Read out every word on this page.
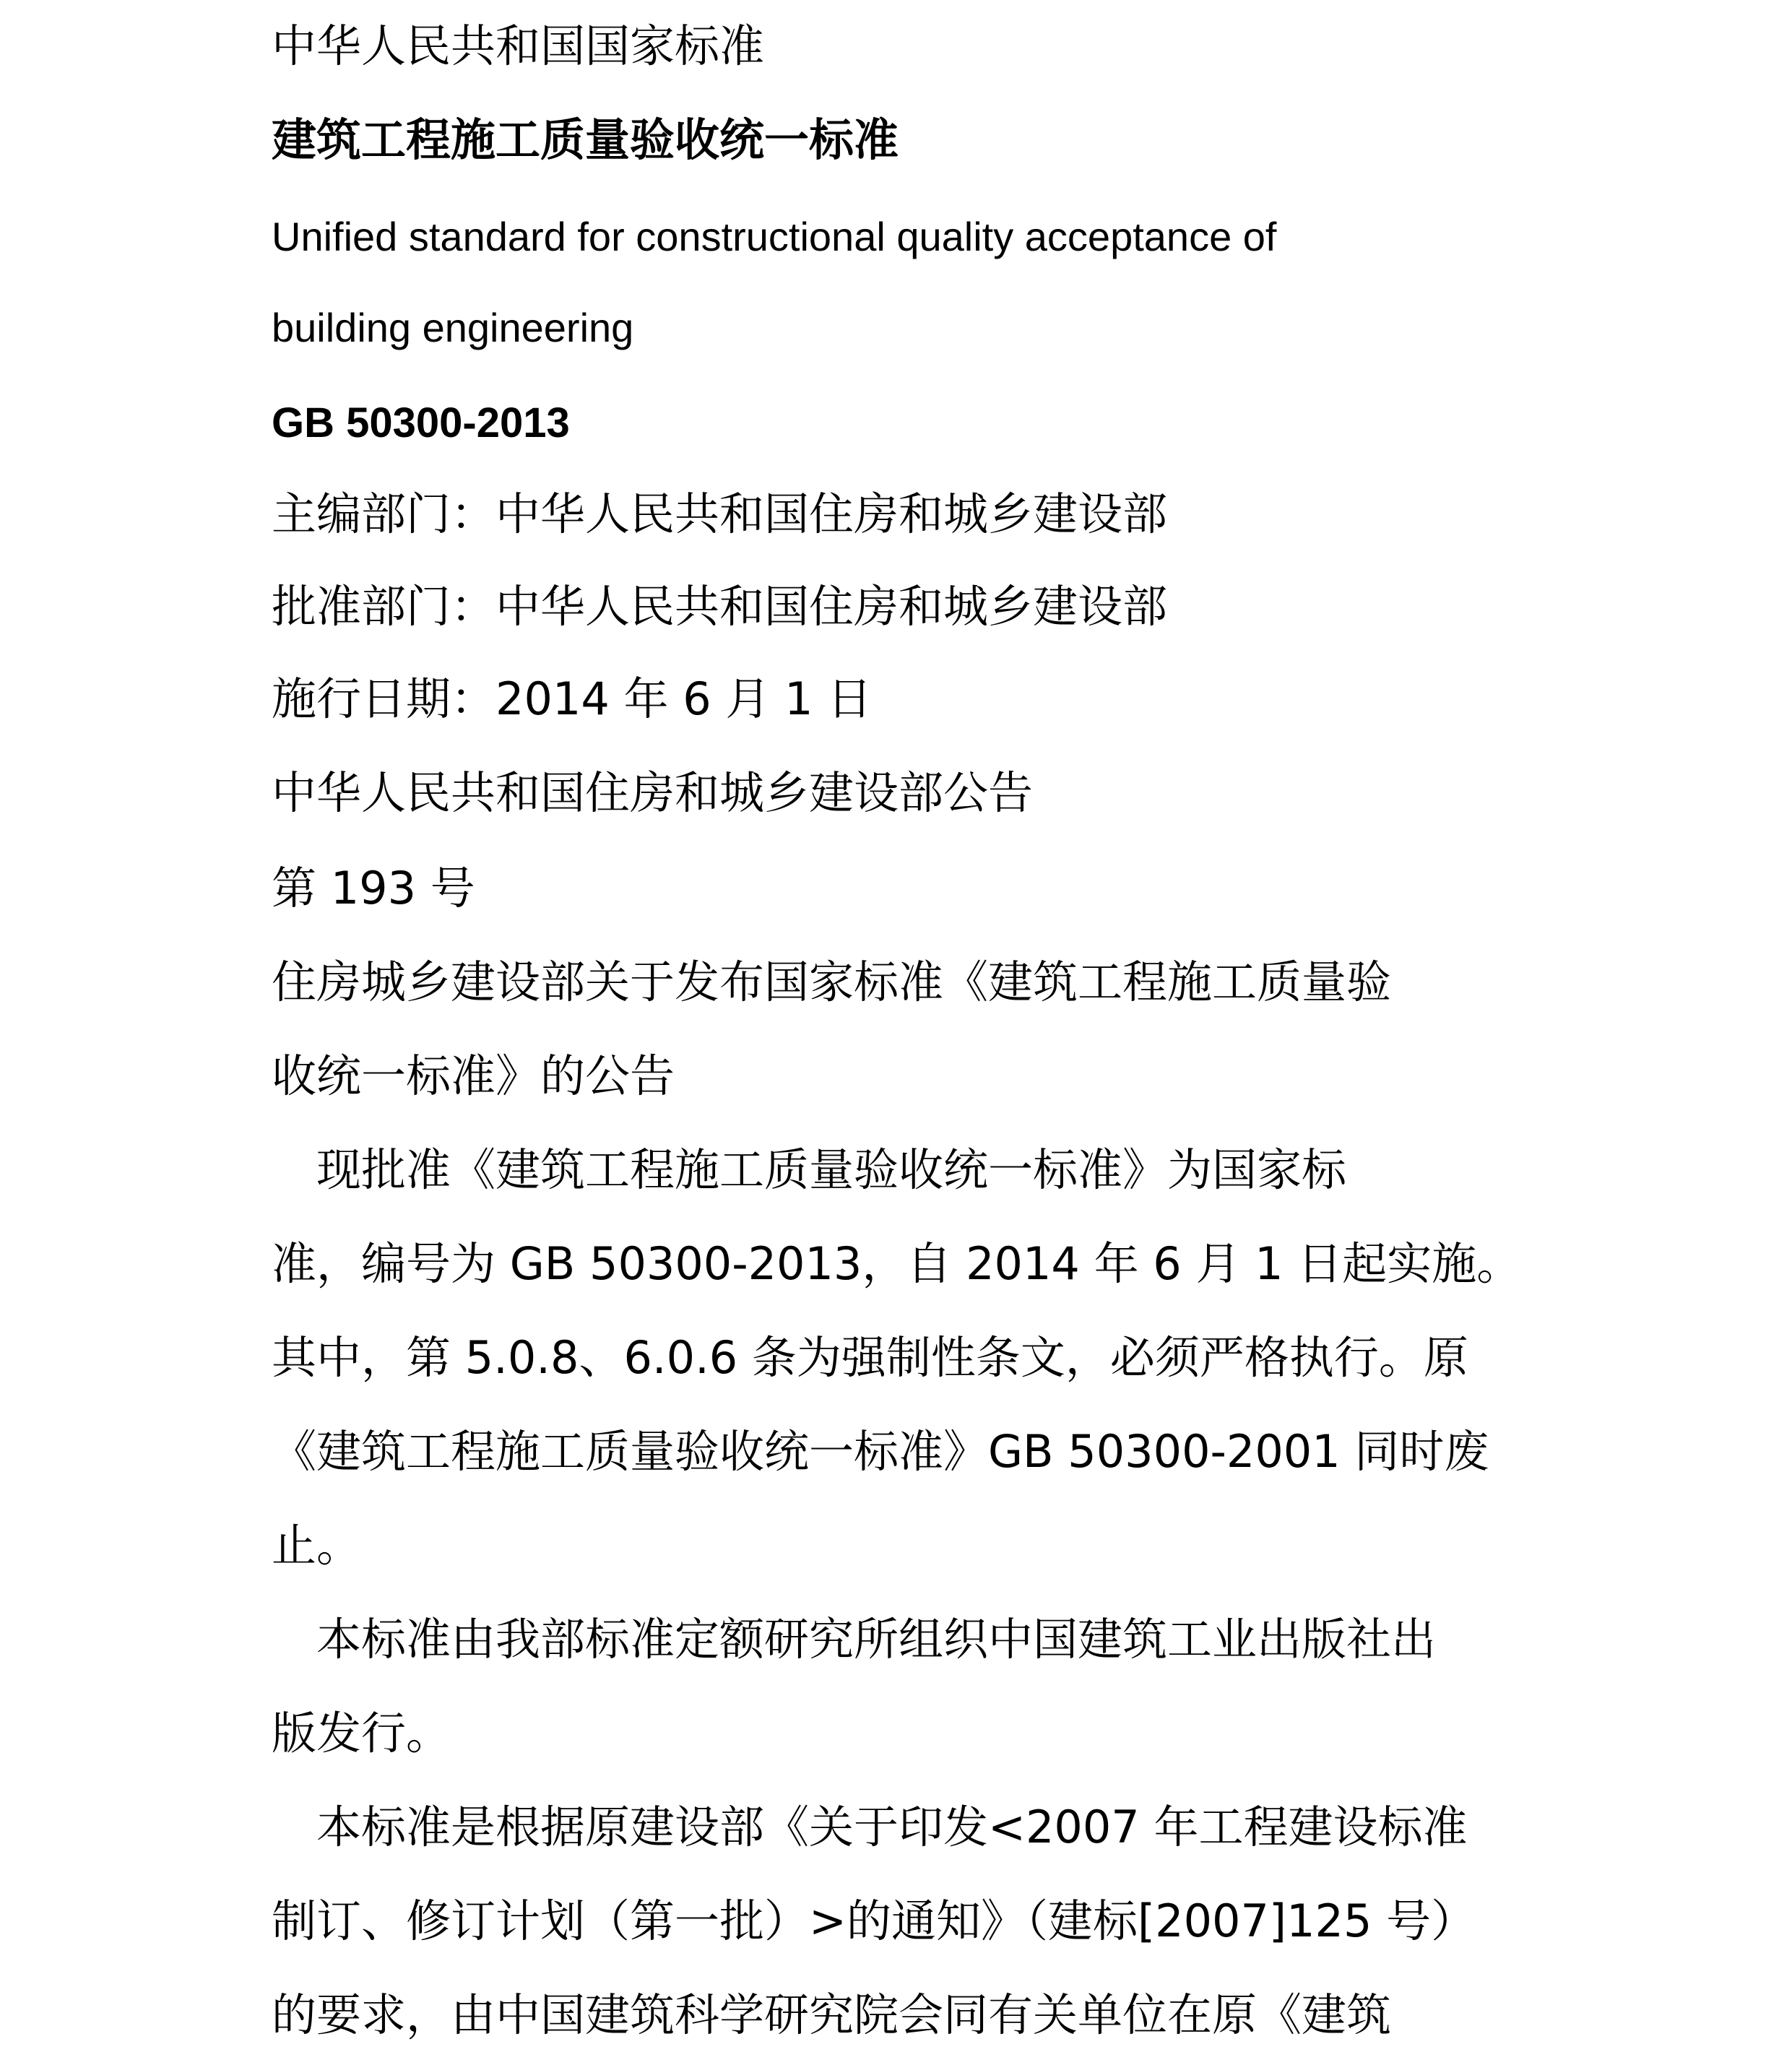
中华人民共和国国家标准
建筑工程施工质量验收统一标准
Unified standard for constructional quality acceptance of
building engineering
GB 50300-2013
主编部门：中华人民共和国住房和城乡建设部
批准部门：中华人民共和国住房和城乡建设部
施行日期：2014 年 6 月 1 日
中华人民共和国住房和城乡建设部公告
第 193 号
住房城乡建设部关于发布国家标准《建筑工程施工质量验
收统一标准》的公告
　现批准《建筑工程施工质量验收统一标准》为国家标
准，编号为 GB 50300-2013，自 2014 年 6 月 1 日起实施。
其中，第 5.0.8、6.0.6 条为强制性条文，必须严格执行。原
《建筑工程施工质量验收统一标准》GB 50300-2001 同时废
止。
　本标准由我部标准定额研究所组织中国建筑工业出版社出
版发行。
　本标准是根据原建设部《关于印发<2007 年工程建设标准
制订、修订计划（第一批）>的通知》（建标[2007]125 号）
的要求，由中国建筑科学研究院会同有关单位在原《建筑
